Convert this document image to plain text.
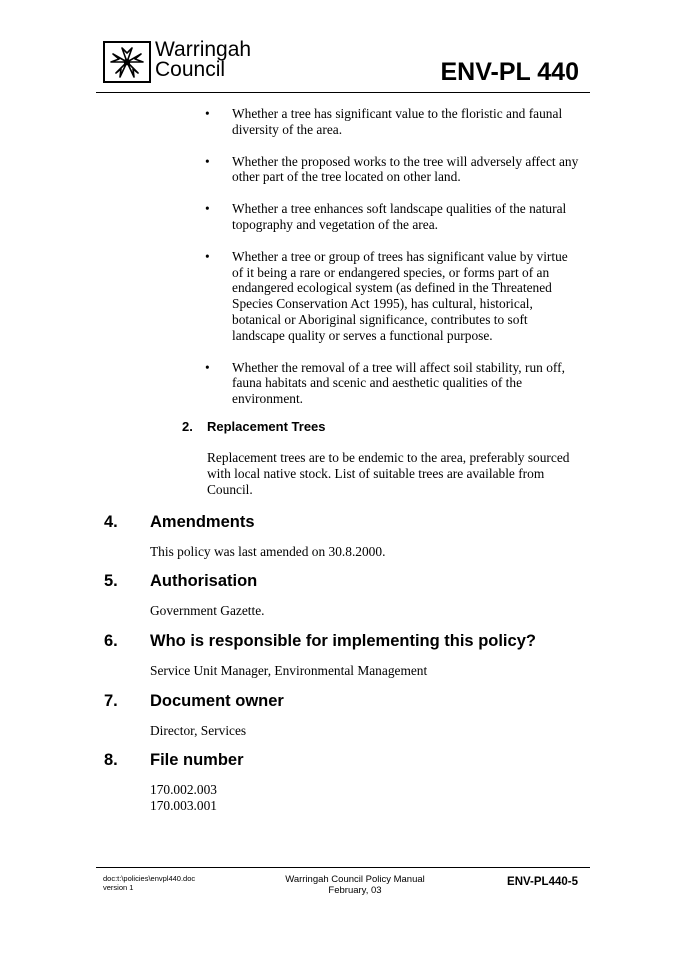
Warringah
Council	ENV-PL 440
• Whether a tree has significant value to the floristic and faunal diversity of the area.
• Whether the proposed works to the tree will adversely affect any other part of the tree located on other land.
• Whether a tree enhances soft landscape qualities of the natural topography and vegetation of the area.
• Whether a tree or group of trees has significant value by virtue of it being a rare or endangered species, or forms part of an endangered ecological system (as defined in the Threatened Species Conservation Act 1995), has cultural, historical, botanical or Aboriginal significance, contributes to soft landscape quality or serves a functional purpose.
• Whether the removal of a tree will affect soil stability, run off, fauna habitats and scenic and aesthetic qualities of the environment.
2. Replacement Trees
Replacement trees are to be endemic to the area, preferably sourced with local native stock. List of suitable trees are available from Council.
4. Amendments
This policy was last amended on 30.8.2000.
5. Authorisation
Government Gazette.
6. Who is responsible for implementing this policy?
Service Unit Manager, Environmental Management
7. Document owner
Director, Services
8. File number
170.002.003
170.003.001
doc:t:\policies\envpl440.doc
version 1
Warringah Council Policy Manual
February, 03
ENV-PL440-5
